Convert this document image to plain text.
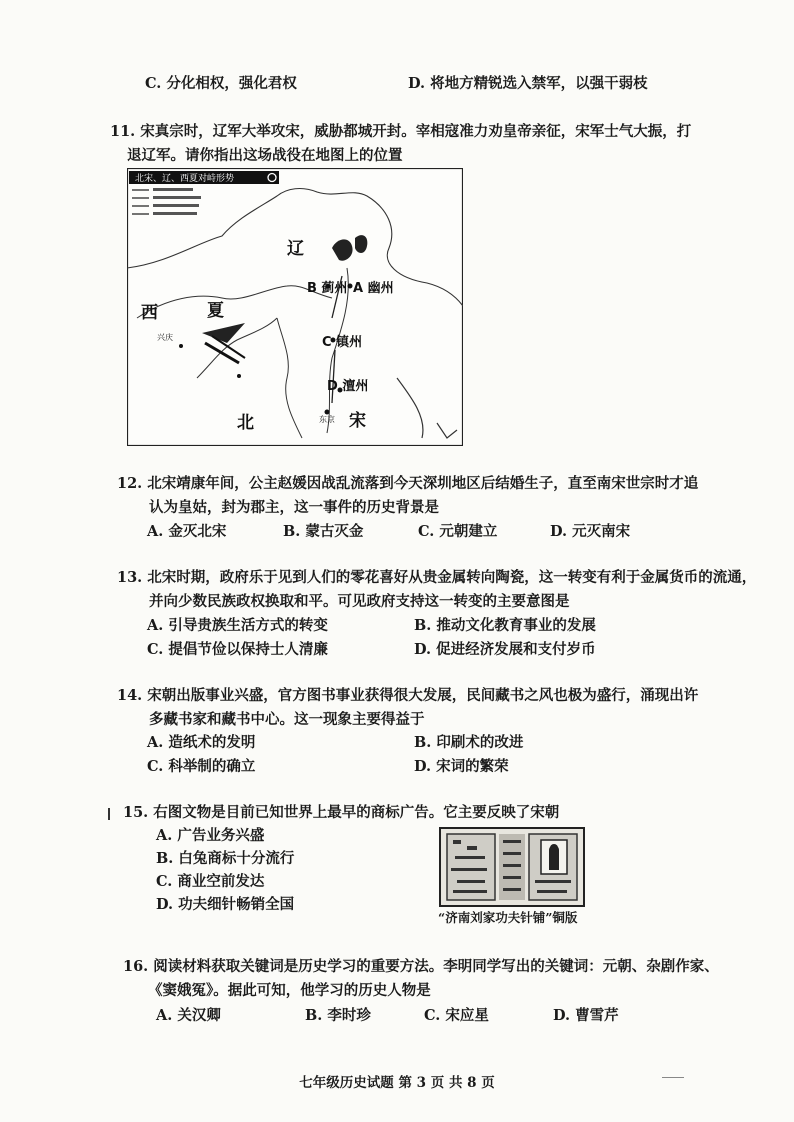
C. 分化相权，强化君权	D. 将地方精锐选入禁军，以强干弱枝
11. 宋真宗时，辽军大举攻宋，威胁都城开封。宰相寇准力劝皇帝亲征，宋军士气大振，打
退辽军。请你指出这场战役在地图上的位置
北宋、辽、西夏对峙形势
辽
西	夏
北	宋
A 幽州
B 蓟州
C 镇州
D 澶州
兴庆
东京
12. 北宋靖康年间，公主赵媛因战乱流落到今天深圳地区后结婚生子，直至南宋世宗时才追
认为皇姑，封为郡主，这一事件的历史背景是
A. 金灭北宋	B. 蒙古灭金	C. 元朝建立	D. 元灭南宋
13. 北宋时期，政府乐于见到人们的零花喜好从贵金属转向陶瓷，这一转变有利于金属货币的流通，
并向少数民族政权换取和平。可见政府支持这一转变的主要意图是
A. 引导贵族生活方式的转变	B. 推动文化教育事业的发展
C. 提倡节俭以保持士人清廉	D. 促进经济发展和支付岁币
14. 宋朝出版事业兴盛，官方图书事业获得很大发展，民间藏书之风也极为盛行，涌现出许
多藏书家和藏书中心。这一现象主要得益于
A. 造纸术的发明	B. 印刷术的改进
C. 科举制的确立	D. 宋词的繁荣
15. 右图文物是目前已知世界上最早的商标广告。它主要反映了宋朝
A. 广告业务兴盛
B. 白兔商标十分流行
C. 商业空前发达
D. 功夫细针畅销全国
“济南刘家功夫针铺”铜版
16. 阅读材料获取关键词是历史学习的重要方法。李明同学写出的关键词：元朝、杂剧作家、
《窦娥冤》。据此可知，他学习的历史人物是
A. 关汉卿	B. 李时珍	C. 宋应星	D. 曹雪芹
七年级历史试题 第 3 页 共 8 页
